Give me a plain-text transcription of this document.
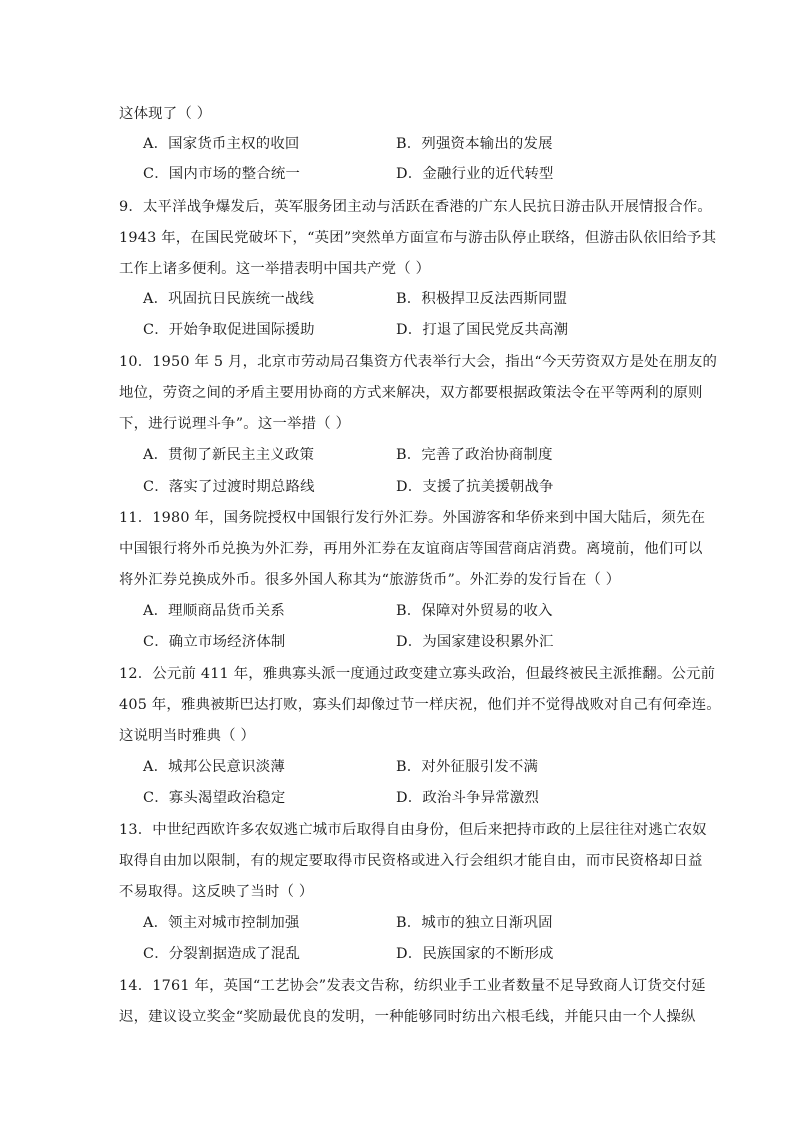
这体现了（ ）
A．国家货币主权的收回	B．列强资本输出的发展
C．国内市场的整合统一	D．金融行业的近代转型
9．太平洋战争爆发后，英军服务团主动与活跃在香港的广东人民抗日游击队开展情报合作。
1943 年，在国民党破坏下，“英团”突然单方面宣布与游击队停止联络，但游击队依旧给予其
工作上诸多便利。这一举措表明中国共产党（ ）
A．巩固抗日民族统一战线	B．积极捍卫反法西斯同盟
C．开始争取促进国际援助	D．打退了国民党反共高潮
10．1950 年 5 月，北京市劳动局召集资方代表举行大会，指出“今天劳资双方是处在朋友的
地位，劳资之间的矛盾主要用协商的方式来解决，双方都要根据政策法令在平等两利的原则
下，进行说理斗争”。这一举措（ ）
A．贯彻了新民主主义政策	B．完善了政治协商制度
C．落实了过渡时期总路线	D．支援了抗美援朝战争
11．1980 年，国务院授权中国银行发行外汇券。外国游客和华侨来到中国大陆后，须先在
中国银行将外币兑换为外汇券，再用外汇券在友谊商店等国营商店消费。离境前，他们可以
将外汇券兑换成外币。很多外国人称其为“旅游货币”。外汇券的发行旨在（ ）
A．理顺商品货币关系	B．保障对外贸易的收入
C．确立市场经济体制	D．为国家建设积累外汇
12．公元前 411 年，雅典寡头派一度通过政变建立寡头政治，但最终被民主派推翻。公元前
405 年，雅典被斯巴达打败，寡头们却像过节一样庆祝，他们并不觉得战败对自己有何牵连。
这说明当时雅典（ ）
A．城邦公民意识淡薄	B．对外征服引发不满
C．寡头渴望政治稳定	D．政治斗争异常激烈
13．中世纪西欧许多农奴逃亡城市后取得自由身份，但后来把持市政的上层往往对逃亡农奴
取得自由加以限制，有的规定要取得市民资格或进入行会组织才能自由，而市民资格却日益
不易取得。这反映了当时（ ）
A．领主对城市控制加强	B．城市的独立日渐巩固
C．分裂割据造成了混乱	D．民族国家的不断形成
14．1761 年，英国“工艺协会”发表文告称，纺织业手工业者数量不足导致商人订货交付延
迟，建议设立奖金“奖励最优良的发明，一种能够同时纺出六根毛线，并能只由一个人操纵
